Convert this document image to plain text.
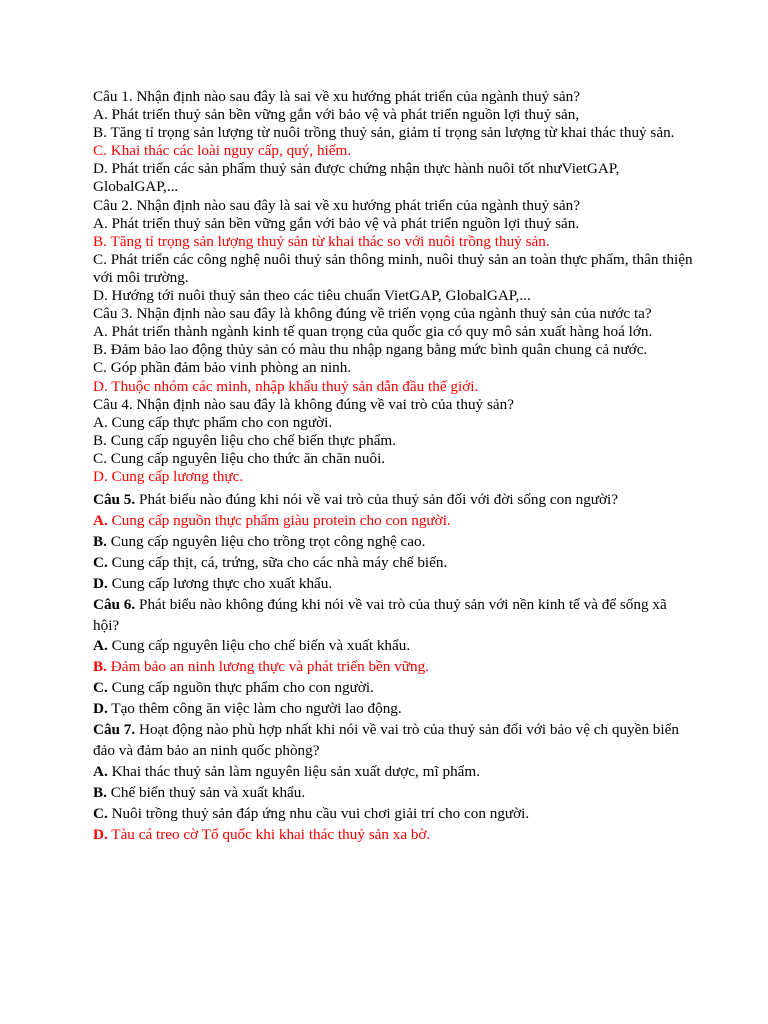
Câu 1. Nhận định nào sau đây là sai về xu hướng phát triển của ngành thuỷ sản?

A. Phát triển thuỷ sản bền vững gắn với bảo vệ và phát triển nguồn lợi thuỷ sản,

B. Tăng tỉ trọng sản lượng từ nuôi trồng thuỷ sản, giảm tỉ trọng sản lượng từ khai thác thuỷ sản.

C. Khai thác các loài nguy cấp, quý, hiếm.

D. Phát triển các sản phẩm thuỷ sản được chứng nhận thực hành nuôi tốt nhưVietGAP, GlobalGAP,...

Câu 2. Nhận định nào sau đây là sai về xu hướng phát triển của ngành thuỷ sản?

A. Phát triển thuỷ sản bền vững gắn với bảo vệ và phát triển nguồn lợi thuỷ sản.

B. Tăng tỉ trọng sản lượng thuỷ sản từ khai thác so với nuôi trồng thuỷ sản.

C. Phát triển các công nghệ nuôi thuỷ sản thông minh, nuôi thuỷ sản an toàn thực phẩm, thân thiện với môi trường.

D. Hướng tới nuôi thuỷ sản theo các tiêu chuẩn VietGAP, GlobalGAP,...

Câu 3. Nhận định nào sau đây là không đúng về triển vọng của ngành thuỷ sản của nước ta?

A. Phát triển thành ngành kinh tế quan trọng của quốc gia có quy mô sản xuất hàng hoá lớn.

B. Đảm bảo lao động thủy sản có màu thu nhập ngang bằng mức bình quân chung cả nước.

C. Góp phần đảm bảo vinh phòng an ninh.

D. Thuộc nhóm các minh, nhập khẩu thuỷ sản dẫn đầu thế giới.

Câu 4. Nhận định nào sau đây là không đúng về vai trò của thuỷ sản?

A. Cung cấp thực phẩm cho con người.

B. Cung cấp nguyên liệu cho chế biến thực phẩm.

C. Cung cấp nguyên liệu cho thức ăn chăn nuôi.

D. Cung cấp lương thực.

Câu 5. Phát biểu nào đúng khi nói về vai trò của thuỷ sản đối với đời sống con người?

A. Cung cấp nguồn thực phẩm giàu protein cho con người.

B. Cung cấp nguyên liệu cho trồng trọt công nghệ cao.

C. Cung cấp thịt, cá, trứng, sữa cho các nhà máy chế biến.

D. Cung cấp lương thực cho xuất khẩu.

Câu 6. Phát biểu nào không đúng khi nói về vai trò của thuỷ sản với nền kinh tế và để sống xã hội?

A. Cung cấp nguyên liệu cho chế biến và xuất khẩu.

B. Đảm bảo an ninh lương thực và phát triển bền vững.

C. Cung cấp nguồn thực phẩm cho con người.

D. Tạo thêm công ăn việc làm cho người lao động.

Câu 7. Hoạt động nào phù hợp nhất khi nói về vai trò của thuỷ sản đối với bảo vệ ch quyền biển đảo và đảm bảo an ninh quốc phòng?

A. Khai thác thuỷ sản làm nguyên liệu sản xuất dược, mĩ phẩm.

B. Chế biến thuỷ sản và xuất khẩu.

C. Nuôi trồng thuỷ sản đáp ứng nhu cầu vui chơi giải trí cho con người.

D. Tàu cá treo cờ Tổ quốc khi khai thác thuỷ sản xa bờ.
